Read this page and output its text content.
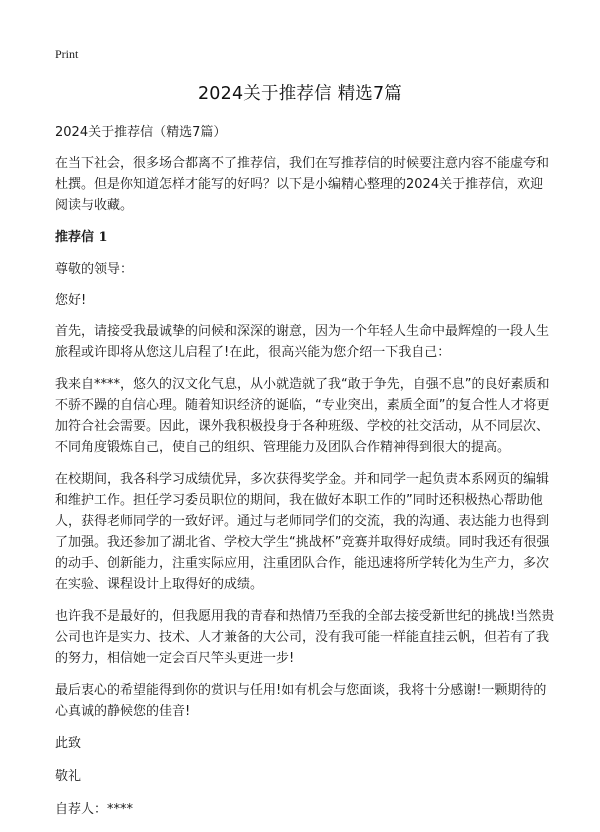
Print
2024关于推荐信 精选7篇

2024关于推荐信（精选7篇）

在当下社会，很多场合都离不了推荐信，我们在写推荐信的时候要注意内容不能虚夸和杜撰。但是你知道怎样才能写的好吗？以下是小编精心整理的2024关于推荐信，欢迎阅读与收藏。

推荐信 1

尊敬的领导：

您好!

首先，请接受我最诚挚的问候和深深的谢意，因为一个年轻人生命中最辉煌的一段人生旅程或许即将从您这儿启程了!在此，很高兴能为您介绍一下我自己：

我来自****，悠久的汉文化气息，从小就造就了我“敢于争先，自强不息”的良好素质和不骄不躁的自信心理。随着知识经济的诞临，“专业突出，素质全面”的复合性人才将更加符合社会需要。因此，课外我积极投身于各种班级、学校的社交活动，从不同层次、不同角度锻炼自己，使自己的组织、管理能力及团队合作精神得到很大的提高。

在校期间，我各科学习成绩优异，多次获得奖学金。并和同学一起负责本系网页的编辑和维护工作。担任学习委员职位的期间，我在做好本职工作的”同时还积极热心帮助他人，获得老师同学的一致好评。通过与老师同学们的交流，我的沟通、表达能力也得到了加强。我还参加了湖北省、学校大学生“挑战杯”竞赛并取得好成绩。同时我还有很强的动手、创新能力，注重实际应用，注重团队合作，能迅速将所学转化为生产力，多次在实验、课程设计上取得好的成绩。

也许我不是最好的，但我愿用我的青春和热情乃至我的全部去接受新世纪的挑战!当然贵公司也许是实力、技术、人才兼备的大公司，没有我可能一样能直挂云帆，但若有了我的努力，相信她一定会百尺竿头更进一步!

最后衷心的希望能得到你的赏识与任用!如有机会与您面谈，我将十分感谢!一颗期待的心真诚的静候您的佳音!

此致

敬礼

自荐人：****
